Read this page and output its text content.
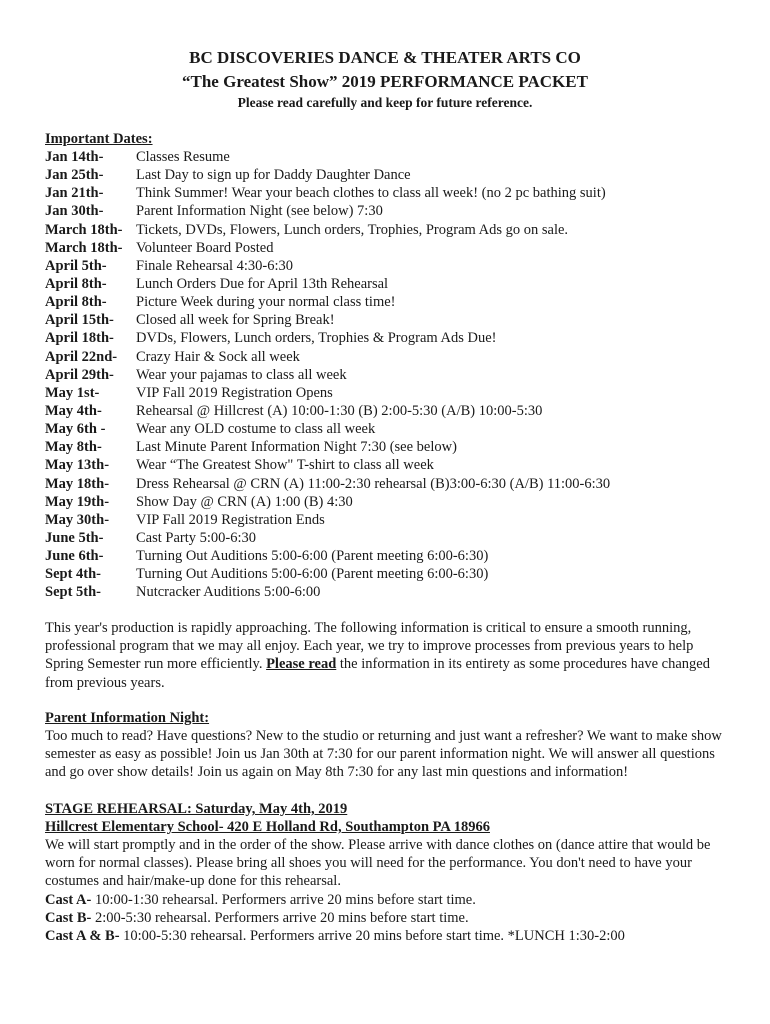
BC DISCOVERIES DANCE & THEATER ARTS CO
“The Greatest Show” 2019 PERFORMANCE PACKET
Please read carefully and keep for future reference.
Important Dates:
Jan 14th- Classes Resume
Jan 25th- Last Day to sign up for Daddy Daughter Dance
Jan 21th- Think Summer! Wear your beach clothes to class all week! (no 2 pc bathing suit)
Jan 30th- Parent Information Night (see below) 7:30
March 18th- Tickets, DVDs, Flowers, Lunch orders, Trophies, Program Ads go on sale.
March 18th- Volunteer Board Posted
April 5th- Finale Rehearsal 4:30-6:30
April 8th- Lunch Orders Due for April 13th Rehearsal
April 8th- Picture Week during your normal class time!
April 15th- Closed all week for Spring Break!
April 18th- DVDs, Flowers, Lunch orders, Trophies & Program Ads Due!
April 22nd- Crazy Hair & Sock all week
April 29th- Wear your pajamas to class all week
May 1st-	VIP Fall 2019 Registration Opens
May 4th- Rehearsal @ Hillcrest (A) 10:00-1:30 (B) 2:00-5:30 (A/B) 10:00-5:30
May 6th - Wear any OLD costume to class all week
May 8th- Last Minute Parent Information Night 7:30 (see below)
May 13th- Wear “The Greatest Show" T-shirt to class all week
May 18th- Dress Rehearsal @ CRN (A) 11:00-2:30 rehearsal (B)3:00-6:30 (A/B) 11:00-6:30
May 19th- Show Day @ CRN (A) 1:00 (B) 4:30
May 30th- VIP Fall 2019 Registration Ends
June 5th- Cast Party 5:00-6:30
June 6th- Turning Out Auditions 5:00-6:00 (Parent meeting 6:00-6:30)
Sept 4th- Turning Out Auditions 5:00-6:00 (Parent meeting 6:00-6:30)
Sept 5th- Nutcracker Auditions 5:00-6:00
This year's production is rapidly approaching. The following information is critical to ensure a smooth running, professional program that we may all enjoy. Each year, we try to improve processes from previous years to help Spring Semester run more efficiently. Please read the information in its entirety as some procedures have changed from previous years.
Parent Information Night:
Too much to read? Have questions? New to the studio or returning and just want a refresher? We want to make show semester as easy as possible! Join us Jan 30th at 7:30 for our parent information night. We will answer all questions and go over show details! Join us again on May 8th 7:30 for any last min questions and information!
STAGE REHEARSAL: Saturday, May 4th, 2019
Hillcrest Elementary School- 420 E Holland Rd, Southampton PA 18966
We will start promptly and in the order of the show. Please arrive with dance clothes on (dance attire that would be worn for normal classes). Please bring all shoes you will need for the performance. You don't need to have your costumes and hair/make-up done for this rehearsal.
Cast A- 10:00-1:30 rehearsal. Performers arrive 20 mins before start time.
Cast B- 2:00-5:30 rehearsal. Performers arrive 20 mins before start time.
Cast A & B- 10:00-5:30 rehearsal. Performers arrive 20 mins before start time. *LUNCH 1:30-2:00
